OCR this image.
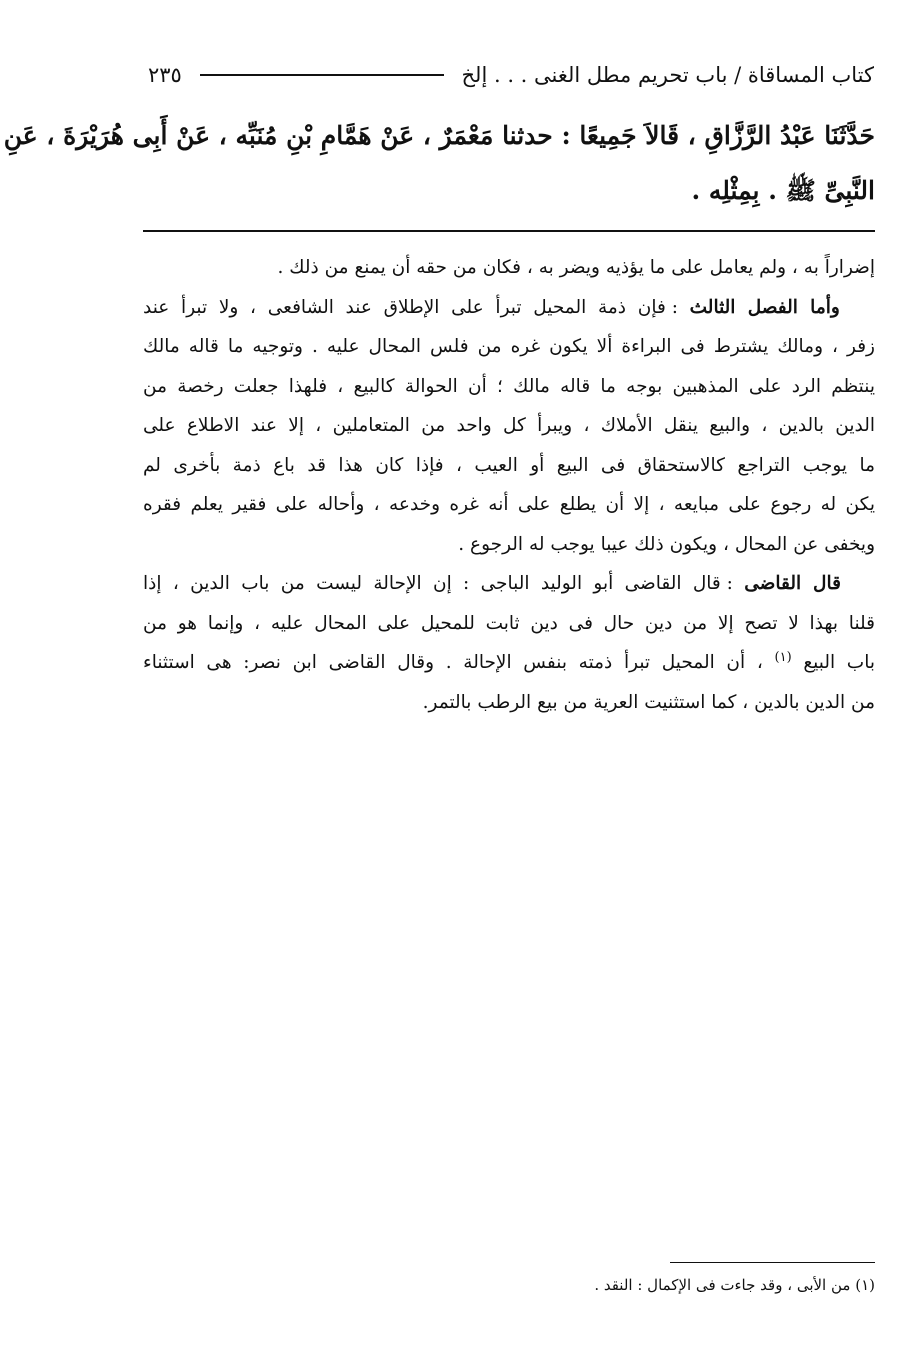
كتاب المساقاة / باب تحريم مطل الغنى . . . إلخ
٢٣٥
حَدَّثَنَا عَبْدُ الرَّزَّاقِ ، قَالاَ جَمِيعًا : حدثنا مَعْمَرٌ ، عَنْ هَمَّامِ بْنِ مُنَبِّه ، عَنْ أَبِى هُرَيْرَةَ ، عَنِ
النَّبِىِّ ﷺ . بِمِثْلِه .
إضراراً به ، ولم يعامل على ما يؤذيه ويضر به ، فكان من حقه أن يمنع من ذلك .
وأما الفصل الثالث : فإن ذمة المحيل تبرأ على الإطلاق عند الشافعى ، ولا تبرأ عند
زفر ، ومالك يشترط فى البراءة ألا يكون غره من فلس المحال عليه . وتوجيه ما قاله مالك
ينتظم الرد على المذهبين بوجه ما قاله مالك ؛ أن الحوالة كالبيع ، فلهذا جعلت رخصة من
الدين بالدين ، والبيع ينقل الأملاك ، ويبرأ كل واحد من المتعاملين ، إلا عند الاطلاع على
ما يوجب التراجع كالاستحقاق فى البيع أو العيب ، فإذا كان هذا قد باع ذمة بأخرى لم
يكن له رجوع على مبايعه ، إلا أن يطلع على أنه غره وخدعه ، وأحاله على فقير يعلم فقره
ويخفى عن المحال ، ويكون ذلك عيبا يوجب له الرجوع .
قال القاضى : قال القاضى أبو الوليد الباجى : إن الإحالة ليست من باب الدين ، إذا
قلنا بهذا لا تصح إلا من دين حال فى دين ثابت للمحيل على المحال عليه ، وإنما هو من
باب البيع $^{(١)}$ ، أن المحيل تبرأ ذمته بنفس الإحالة . وقال القاضى ابن نصر: هى استثناء
من الدين بالدين ، كما استثنيت العرية من بيع الرطب بالتمر.
(١) من الأبى ، وقد جاءت فى الإكمال : النقد .
